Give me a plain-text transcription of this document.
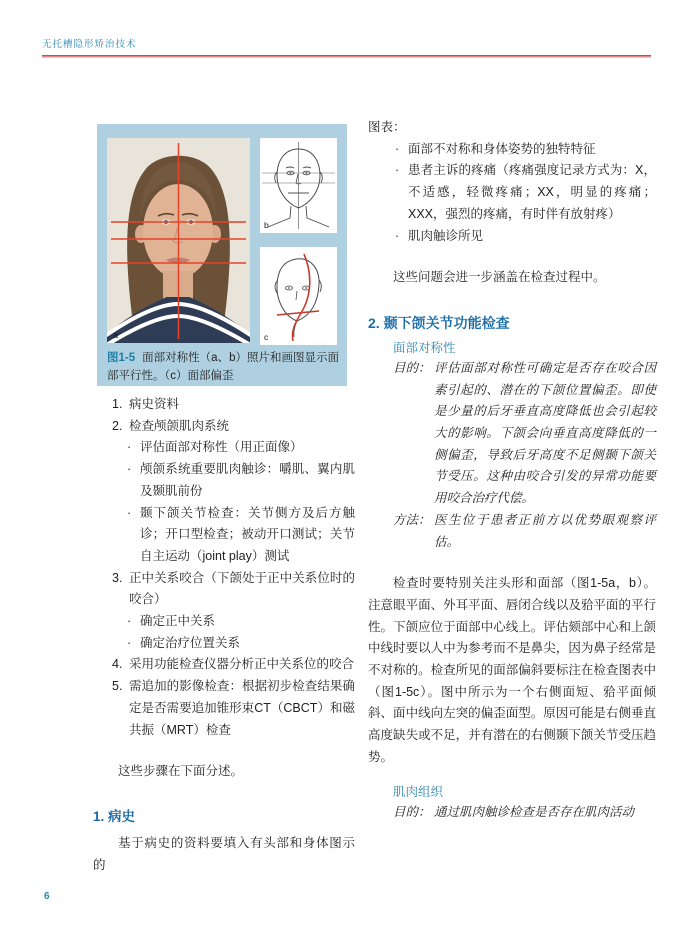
无托槽隐形矫治技术
a
b
c
图1-5 面部对称性（a、b）照片和画图显示面部平行性。（c）面部偏歪
1. 病史资料
2. 检查颅颌肌肉系统
· 评估面部对称性（用正面像）
· 颅颌系统重要肌肉触诊：嚼肌、翼内肌及颞肌前份
· 颞下颌关节检查：关节侧方及后方触诊；开口型检查；被动开口测试；关节自主运动（joint play）测试
3. 正中关系咬合（下颌处于正中关系位时的咬合）
· 确定正中关系
· 确定治疗位置关系
4. 采用功能检查仪器分析正中关系位的咬合
5. 需追加的影像检查：根据初步检查结果确定是否需要追加锥形束CT（CBCT）和磁共振（MRT）检查
这些步骤在下面分述。
1. 病史
基于病史的资料要填入有头部和身体图示的
图表：
· 面部不对称和身体姿势的独特特征
· 患者主诉的疼痛（疼痛强度记录方式为：X，不适感，轻微疼痛；XX，明显的疼痛；XXX，强烈的疼痛，有时伴有放射疼）
· 肌肉触诊所见
这些问题会进一步涵盖在检查过程中。
2. 颞下颌关节功能检查
面部对称性
目的： 评估面部对称性可确定是否存在咬合因素引起的、潜在的下颌位置偏歪。即使是少量的后牙垂直高度降低也会引起较大的影响。下颌会向垂直高度降低的一侧偏歪，导致后牙高度不足侧颞下颌关节受压。这种由咬合引发的异常功能要用咬合治疗代偿。
方法： 医生位于患者正前方以优势眼观察评估。
检查时要特别关注头形和面部（图1-5a，b）。注意眼平面、外耳平面、唇闭合线以及𬌗平面的平行性。下颌应位于面部中心线上。评估颏部中心和上颌中线时要以人中为参考而不是鼻尖，因为鼻子经常是不对称的。检查所见的面部偏斜要标注在检查图表中（图1-5c）。图中所示为一个右侧面短、𬌗平面倾斜、面中线向左突的偏歪面型。原因可能是右侧垂直高度缺失或不足，并有潜在的右侧颞下颌关节受压趋势。
肌肉组织
目的： 通过肌肉触诊检查是否存在肌肉活动
6
